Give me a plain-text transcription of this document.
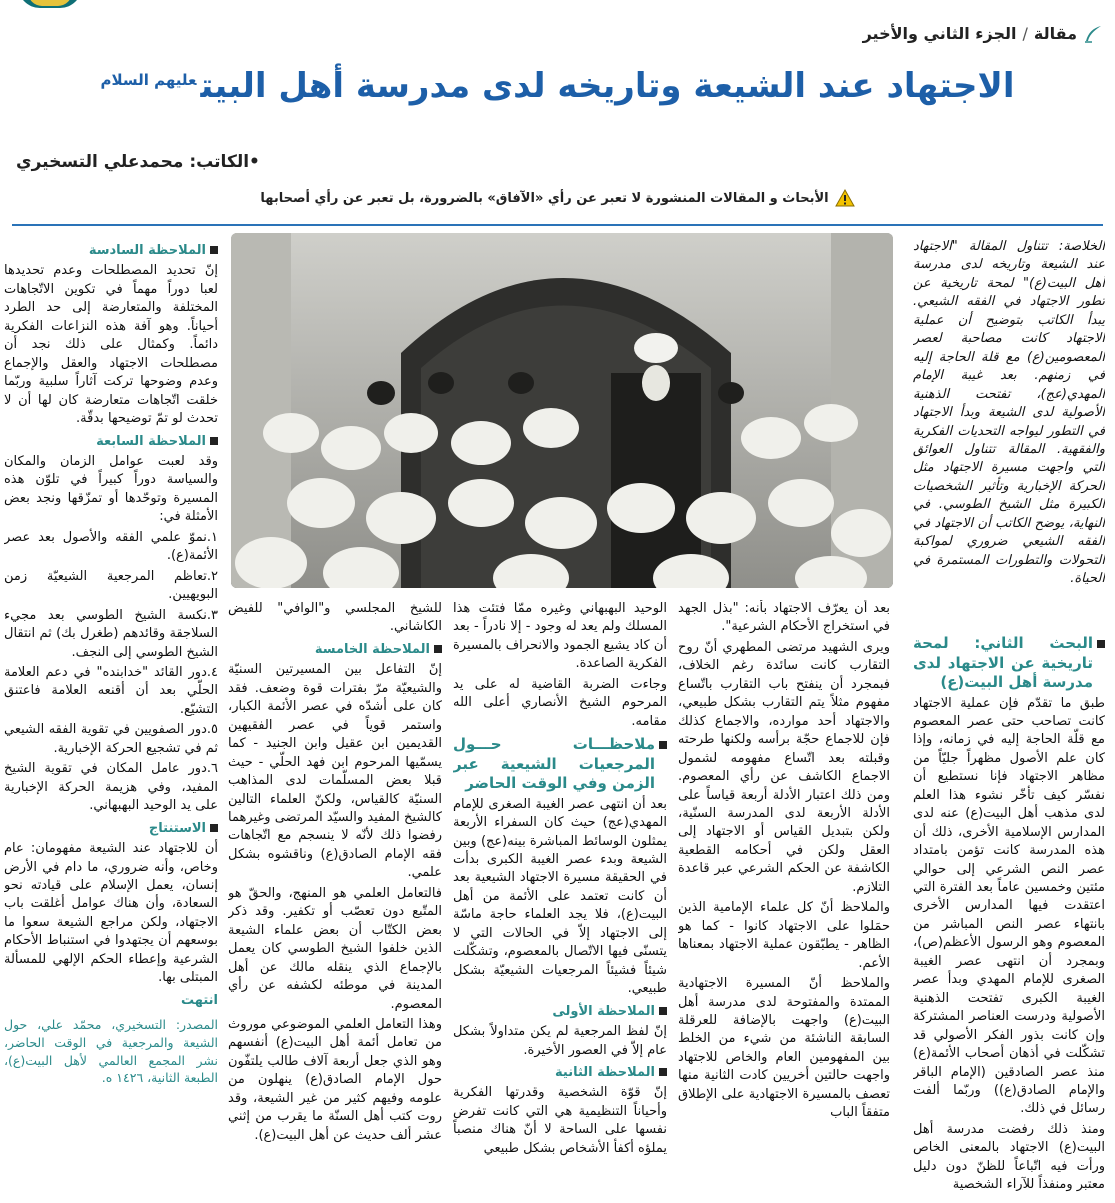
مقالة
/
الجزء الثاني والأخير
الاجتهاد عند الشيعة وتاريخه لدى مدرسة أهل البيت$^{عليهم السلام}$
•الكاتب: محمدعلي التسخيري
الأبحاث و المقالات المنشورة لا تعبر عن رأي «الآفاق» بالضرورة، بل تعبر عن رأي أصحابها

الخلاصة: تتناول المقالة "الاجتهاد عند الشيعة وتاريخه لدى مدرسة أهل البيت(ع)" لمحة تاريخية عن تطور الاجتهاد في الفقه الشيعي. يبدأ الكاتب بتوضيح أن عملية الاجتهاد كانت مصاحبة لعصر المعصومين(ع) مع قلة الحاجة إليه في زمنهم. بعد غيبة الإمام المهدي(عج)، تفتحت الذهنية الأصولية لدى الشيعة وبدأ الاجتهاد في التطور ليواجه التحديات الفكرية والفقهية. المقالة تتناول العوائق التي واجهت مسيرة الاجتهاد مثل الحركة الإخبارية وتأثير الشخصيات الكبيرة مثل الشيخ الطوسي. في النهاية، يوضح الكاتب أن الاجتهاد في الفقه الشيعي ضروري لمواكبة التحولات والتطورات المستمرة في الحياة.

البحث الثاني: لمحة تاريخية عن الاجتهاد لدى مدرسة أهل البيت(ع)

طبق ما تقدّم فإن عملية الاجتهاد كانت تصاحب حتى عصر المعصوم مع قلّة الحاجة إليه في زمانه، وإذا كان علم الأصول مظهراً جليّاً من مظاهر الاجتهاد فإنا نستطيع أن نفسّر كيف تأخّر نشوء هذا العلم لدى مذهب أهل البيت(ع) عنه لدى المدارس الإسلامية الأخرى، ذلك أن هذه المدرسة كانت تؤمن بامتداد عصر النص الشرعي إلى حوالي مئتين وخمسين عاماً بعد الفترة التي اعتقدت فيها المدارس الأخرى بانتهاء عصر النص المباشر من المعصوم وهو الرسول الأعظم(ص)، وبمجرد أن انتهى عصر الغيبة الصغرى للإمام المهدي وبدأ عصر الغيبة الكبرى تفتحت الذهنية الأصولية ودرست العناصر المشتركة وإن كانت بذور الفكر الأصولي قد تشكّلت في أذهان أصحاب الأئمة(ع) منذ عصر الصادقين (الإمام الباقر والإمام الصادق(ع)) وربّما ألفت رسائل في ذلك.

ومنذ ذلك رفضت مدرسة أهل البيت(ع) الاجتهاد بالمعنى الخاص ورأت فيه اتّباعاً للظنّ دون دليل معتبر ومنفذاً للآراء الشخصية

بعد أن يعرّف الاجتهاد بأنه: "بذل الجهد في استخراج الأحكام الشرعية".

ويرى الشهيد مرتضى المطهري أنّ روح التقارب كانت سائدة رغم الخلاف، فبمجرد أن ينفتح باب التقارب باتّساع مفهوم مثلاً يتم التقارب بشكل طبيعي، والاجتهاد أحد موارده، والاجماع كذلك فإن للاجماع حجّة برأسه ولكنها طرحته وقبلته بعد اتّساع مفهومه لشمول الاجماع الكاشف عن رأي المعصوم. ومن ذلك اعتبار الأدلة أربعة قياساً على الأدلة الأربعة لدى المدرسة السنّية، ولكن بتبديل القياس أو الاجتهاد إلى العقل ولكن في أحكامه القطعية الكاشفة عن الحكم الشرعي عبر قاعدة التلازم.

والملاحظ أنّ كل علماء الإمامية الذين حمَلوا على الاجتهاد كانوا - كما هو الظاهر - يطبّقون عملية الاجتهاد بمعناها الأعم.

والملاحظ أنّ المسيرة الاجتهادية الممتدة والمفتوحة لدى مدرسة أهل البيت(ع) واجهت بالإضافة للعرقلة السابقة الناشئة من شيء من الخلط بين المفهومين العام والخاص للاجتهاد واجهت حالتين أخريين كادت الثانية منها تعصف بالمسيرة الاجتهادية على الإطلاق متفقاً الباب

الوحيد البهبهاني وغيره ممّا فتئت هذا المسلك ولم يعد له وجود - إلا نادراً - بعد أن كاد يشيع الجمود والانحراف بالمسيرة الفكرية الصاعدة.

وجاءت الضربة القاضية له على يد المرحوم الشيخ الأنصاري أعلى الله مقامه.

ملاحظـــات حـــول المرجعيات الشيعية عبر الزمن وفي الوقت الحاضر

بعد أن انتهى عصر الغيبة الصغرى للإمام المهدي(عج) حيث كان السفراء الأربعة يمثلون الوسائط المباشرة بينه(عج) وبين الشيعة وبدء عصر الغيبة الكبرى بدأت في الحقيقة مسيرة الاجتهاد الشيعية بعد أن كانت تعتمد على الأئمة من أهل البيت(ع)، فلا يجد العلماء حاجة ماسّة إلى الاجتهاد إلاّ في الحالات التي لا يتسنّى فيها الاتّصال بالمعصوم، وتشكّلت شيئاً فشيئاً المرجعيات الشيعيّة بشكل طبيعي.

الملاحظة الأولى

إنّ لفظ المرجعية لم يكن متداولاً بشكل عام إلاّ في العصور الأخيرة.

الملاحظة الثانية

إنّ قوّة الشخصية وقدرتها الفكرية وأحياناً التنظيمية هي التي كانت تفرض نفسها على الساحة لا أنّ هناك منصباً يملؤه أكفأ الأشخاص بشكل طبيعي

للشيخ المجلسي و"الوافي" للفيض الكاشاني.

الملاحظة الخامسة

إنّ التفاعل بين المسيرتين السنيّة والشيعيّة مرّ بفترات قوة وضعف. فقد كان على أشدّه في عصر الأئمة الكبار، واستمر قوياً في عصر الفقيهين القديمين ابن عقيل وابن الجنيد - كما يسمّيها المرحوم ابن فهد الحلّي - حيث قبلا بعض المسلّمات لدى المذاهب السنيّة كالقياس، ولكنّ العلماء التالين كالشيخ المفيد والسيّد المرتضى وغيرهما رفضوا ذلك لأنّه لا ينسجم مع اتّجاهات فقه الإمام الصادق(ع) وناقشوه بشكل علمي.

فالتعامل العلمي هو المنهج، والحقّ هو المتّبع دون تعصّب أو تكفير. وقد ذكر بعض الكتّاب أن بعض علماء الشيعة الذين خلفوا الشيخ الطوسي كان يعمل بالإجماع الذي ينقله مالك عن أهل المدينة في موطئه لكشفه عن رأي المعصوم.

وهذا التعامل العلمي الموضوعي موروث من تعامل أئمة أهل البيت(ع) أنفسهم وهو الذي جعل أربعة آلاف طالب يلتفّون حول الإمام الصادق(ع) ينهلون من علومه وفيهم كثير من غير الشيعة، وقد روت كتب أهل السنّة ما يقرب من إثني عشر ألف حديث عن أهل البيت(ع).

الملاحظة السادسة

إنّ تحديد المصطلحات وعدم تحديدها لعبا دوراً مهماً في تكوين الاتّجاهات المختلفة والمتعارضة إلى حد الطرد أحياناً. وهو آفة هذه النزاعات الفكرية دائماً. وكمثال على ذلك نجد أن مصطلحات الاجتهاد والعقل والإجماع وعدم وضوحها تركت آثاراً سلبية وربّما خلقت اتّجاهات متعارضة كان لها أن لا تحدث لو تمّ توضيحها بدقّة.

الملاحظة السابعة

وقد لعبت عوامل الزمان والمكان والسياسة دوراً كبيراً في تلوّن هذه المسيرة وتوحّدها أو تمزّقها ونجد بعض الأمثلة في:

١.نموّ علمي الفقه والأصول بعد عصر الأئمة(ع).

٢.تعاظم المرجعية الشيعيّة زمن البويهيين.

٣.نكسة الشيخ الطوسي بعد مجيء السلاجقة وقائدهم (طغرل بك) ثم انتقال الشيخ الطوسي إلى النجف.

٤.دور القائد "خدابنده" في دعم العلامة الحلّي بعد أن أقنعه العلامة فاعتنق التشيّع.

٥.دور الصفويين في تقوية الفقه الشيعي ثم في تشجيع الحركة الإخبارية.

٦.دور عامل المكان في تقوية الشيخ المفيد، وفي هزيمة الحركة الإخبارية على يد الوحيد البهبهاني.

الاستنتاج

أن للاجتهاد عند الشيعة مفهومان: عام وخاص، وأنه ضروري، ما دام في الأرض إنسان، يعمل الإسلام على قيادته نحو السعادة، وأن هناك عوامل أغلقت باب الاجتهاد، ولكن مراجع الشيعة سعوا ما بوسعهم أن يجتهدوا في استنباط الأحكام الشرعية وإعطاء الحكم الإلهي للمسألة المبتلى بها.

انتهت

المصدر: التسخيري، محمّد علي، حول الشيعة والمرجعية في الوقت الحاضر، نشر المجمع العالمي لأهل البيت(ع)، الطبعة الثانية، ١٤٢٦ ه.
